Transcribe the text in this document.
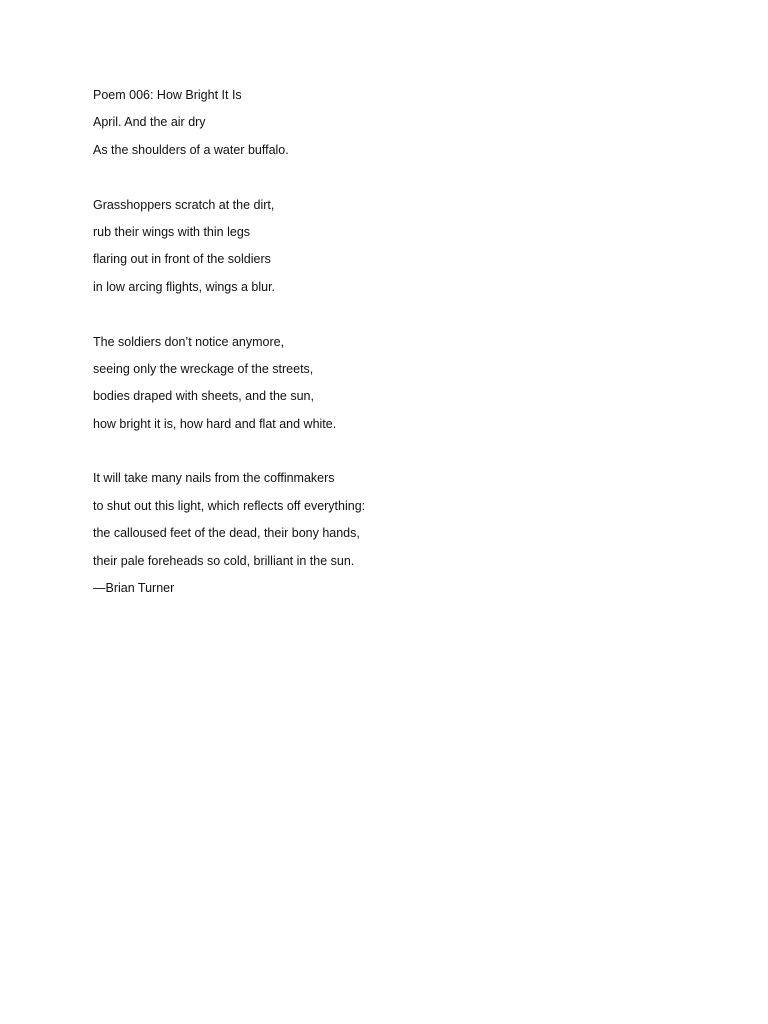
Poem 006: How Bright It Is
April. And the air dry
As the shoulders of a water buffalo.
Grasshoppers scratch at the dirt,
rub their wings with thin legs
flaring out in front of the soldiers
in low arcing flights, wings a blur.
The soldiers don’t notice anymore,
seeing only the wreckage of the streets,
bodies draped with sheets, and the sun,
how bright it is, how hard and flat and white.
It will take many nails from the coffinmakers
to shut out this light, which reflects off everything:
the calloused feet of the dead, their bony hands,
their pale foreheads so cold, brilliant in the sun.
—Brian Turner
